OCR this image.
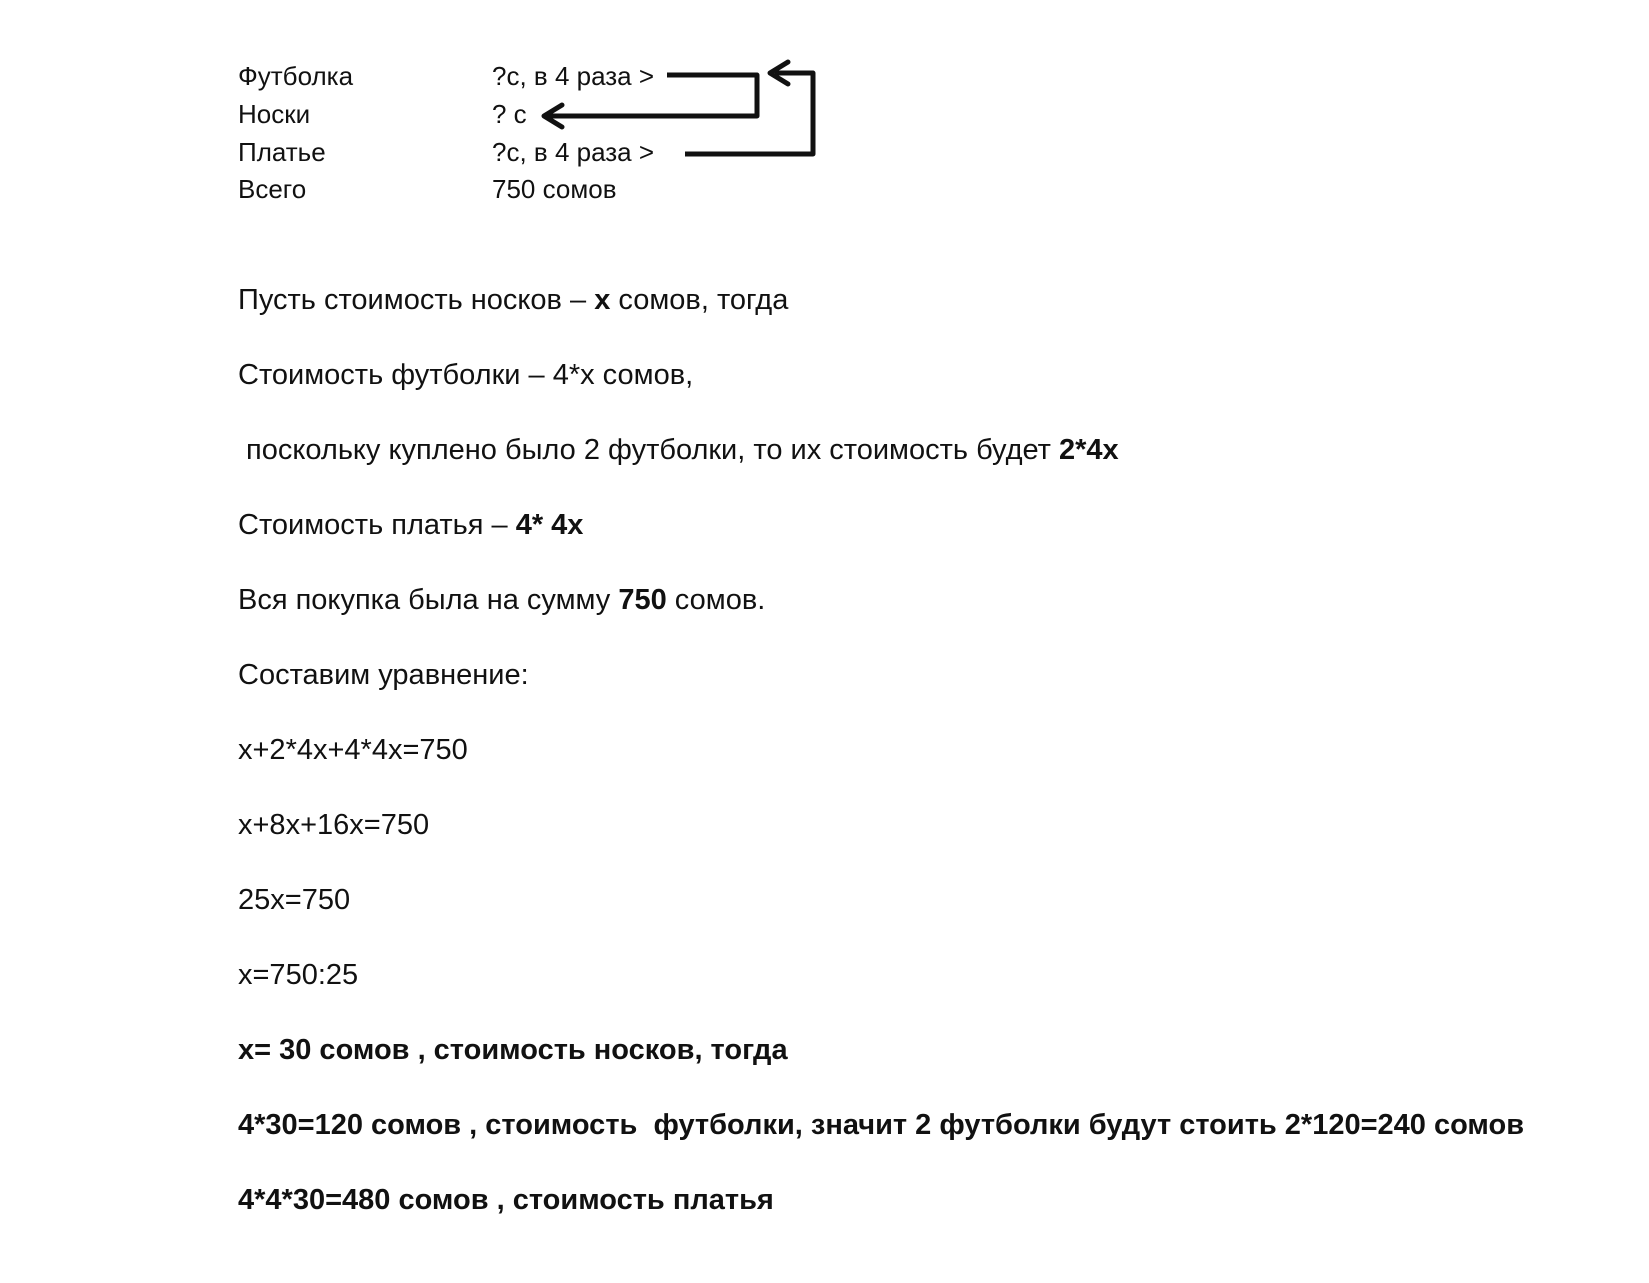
Футболка	?с, в 4 раза >
Носки	? с
Платье	?с, в 4 раза >
Всего	750 сомов
Пусть стоимость носков – х сомов, тогда
Стоимость футболки – 4*х сомов,
поскольку куплено было 2 футболки, то их стоимость будет 2*4х
Стоимость платья – 4* 4х
Вся покупка была на сумму 750 сомов.
Составим уравнение:
х+2*4х+4*4х=750
х+8х+16х=750
25х=750
х=750:25
х= 30 сомов , стоимость носков, тогда
4*30=120 сомов , стоимость  футболки, значит 2 футболки будут стоить 2*120=240 сомов
4*4*30=480 сомов , стоимость платья
